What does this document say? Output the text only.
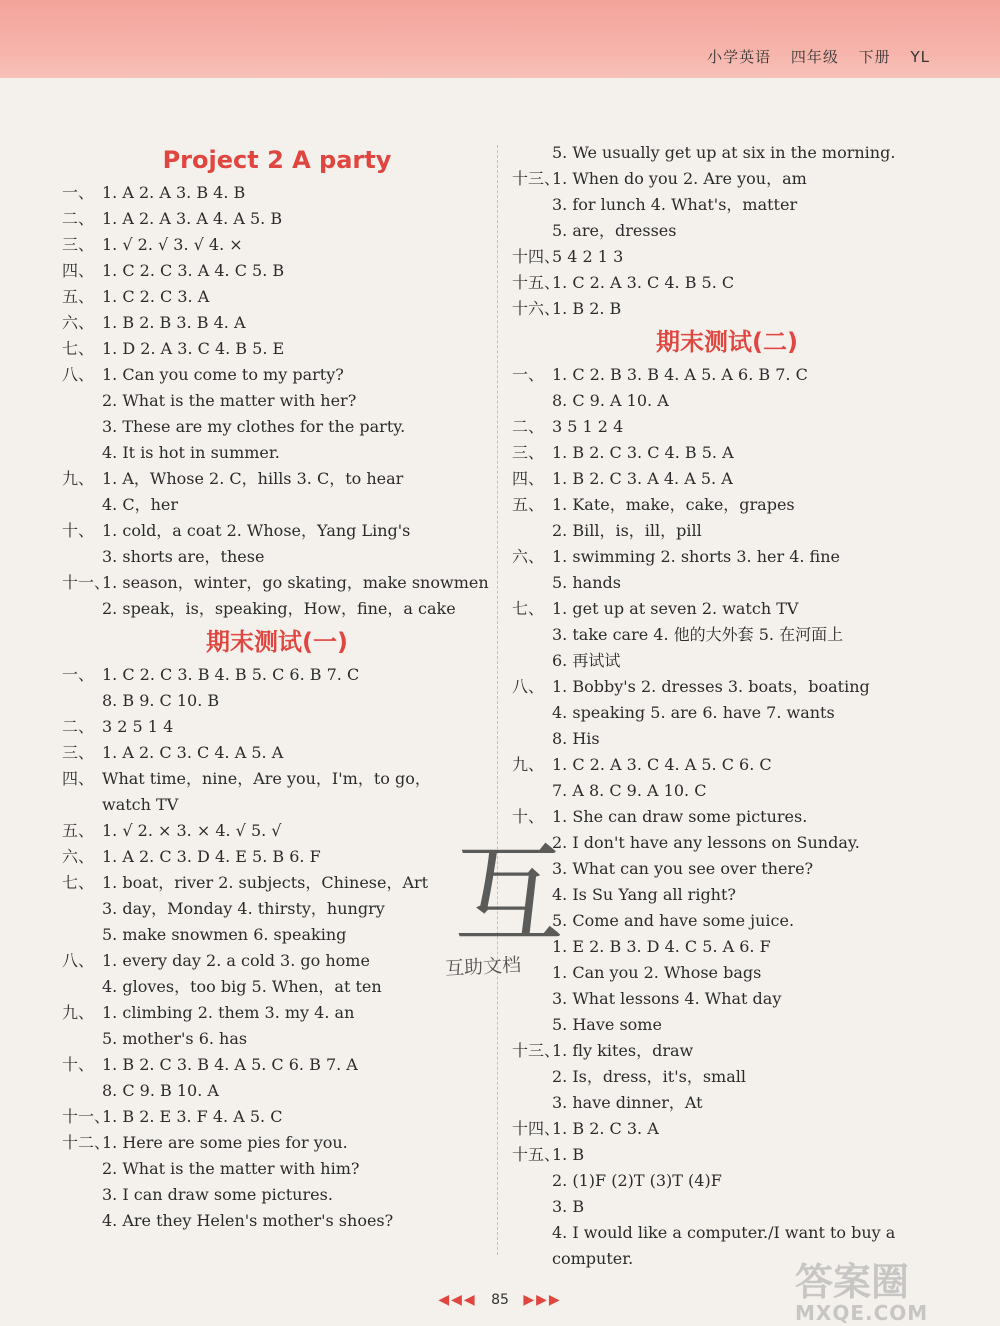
小学英语 四年级 下册 YL
Project 2 A party
一、 1. A 2. A 3. B 4. B
二、 1. A 2. A 3. A 4. A 5. B
三、 1. √ 2. √ 3. √ 4. ×
四、 1. C 2. C 3. A 4. C 5. B
五、 1. C 2. C 3. A
六、 1. B 2. B 3. B 4. A
七、 1. D 2. A 3. C 4. B 5. E
八、 1. Can you come to my party?
2. What is the matter with her?
3. These are my clothes for the party.
4. It is hot in summer.
九、 1. A，Whose 2. C，hills 3. C，to hear
4. C，her
十、 1. cold，a coat 2. Whose，Yang Ling's
3. shorts are，these
十一、
1. season，winter，go skating，make snowmen
2. speak，is，speaking，How，fine，a cake
期末测试(一)
一、 1. C 2. C 3. B 4. B 5. C 6. B 7. C
8. B 9. C 10. B
二、 3 2 5 1 4
三、 1. A 2. C 3. C 4. A 5. A
四、 What time，nine，Are you，I'm，to go，
watch TV
五、 1. √ 2. × 3. × 4. √ 5. √
六、 1. A 2. C 3. D 4. E 5. B 6. F
七、 1. boat，river 2. subjects，Chinese，Art
3. day，Monday 4. thirsty，hungry
5. make snowmen 6. speaking
八、 1. every day 2. a cold 3. go home
4. gloves，too big 5. When，at ten
九、 1. climbing 2. them 3. my 4. an
5. mother's 6. has
十、 1. B 2. C 3. B 4. A 5. C 6. B 7. A
8. C 9. B 10. A
十一、
1. B 2. E 3. F 4. A 5. C
十二、
1. Here are some pies for you.
2. What is the matter with him?
3. I can draw some pictures.
4. Are they Helen's mother's shoes?
5. We usually get up at six in the morning.
十三、
1. When do you 2. Are you，am
3. for lunch 4. What's，matter
5. are，dresses
十四、
5 4 2 1 3
十五、
1. C 2. A 3. C 4. B 5. C
十六、
1. B 2. B
期末测试(二)
一、 1. C 2. B 3. B 4. A 5. A 6. B 7. C
8. C 9. A 10. A
二、 3 5 1 2 4
三、 1. B 2. C 3. C 4. B 5. A
四、 1. B 2. C 3. A 4. A 5. A
五、 1. Kate，make，cake，grapes
2. Bill，is，ill，pill
六、 1. swimming 2. shorts 3. her 4. fine
5. hands
七、 1. get up at seven 2. watch TV
3. take care 4. 他的大外套 5. 在河面上
6. 再试试
八、 1. Bobby's 2. dresses 3. boats，boating
4. speaking 5. are 6. have 7. wants
8. His
九、 1. C 2. A 3. C 4. A 5. C 6. C
7. A 8. C 9. A 10. C
十、 1. She can draw some pictures.
2. I don't have any lessons on Sunday.
3. What can you see over there?
4. Is Su Yang all right?
5. Come and have some juice.
1. E 2. B 3. D 4. C 5. A 6. F
1. Can you 2. Whose bags
3. What lessons 4. What day
5. Have some
十三、
1. fly kites，draw
2. Is，dress，it's，small
3. have dinner，At
十四、
1. B 2. C 3. A
十五、
1. B
2. (1)F (2)T (3)T (4)F
3. B
4. I would like a computer./I want to buy a
computer.
互
互助文档
答案圈
MXQE.COM
◀◀◀ 85 ▶▶▶
